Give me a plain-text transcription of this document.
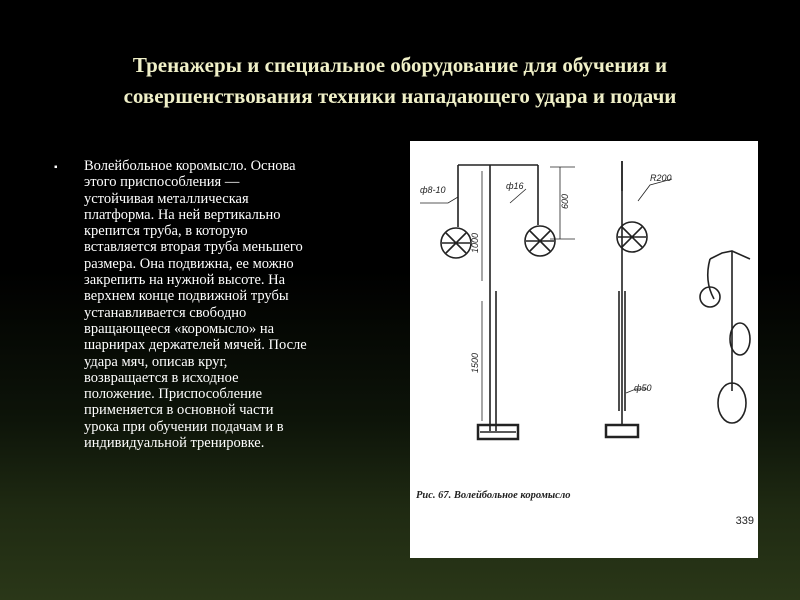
Тренажеры и специальное оборудование для обучения и
совершенствования техники нападающего удара и подачи
▪ Волейбольное коромысло. Основа
этого приспособления —
устойчивая металлическая
платформа. На ней вертикально
крепится труба, в которую
вставляется вторая труба меньшего
размера. Она подвижна, ее можно
закрепить на нужной высоте. На
верхнем конце подвижной трубы
устанавливается свободно
вращающееся «коромысло» на
шарнирах держателей мячей. После
удара мяч, описав круг,
возвращается в исходное
положение. Приспособление
применяется в основной части
урока при обучении подачам и в
индивидуальной тренировке.
ф8-10	ф16
600
1000
1500
R200
ф50
Рис. 67. Волейбольное коромысло
339
